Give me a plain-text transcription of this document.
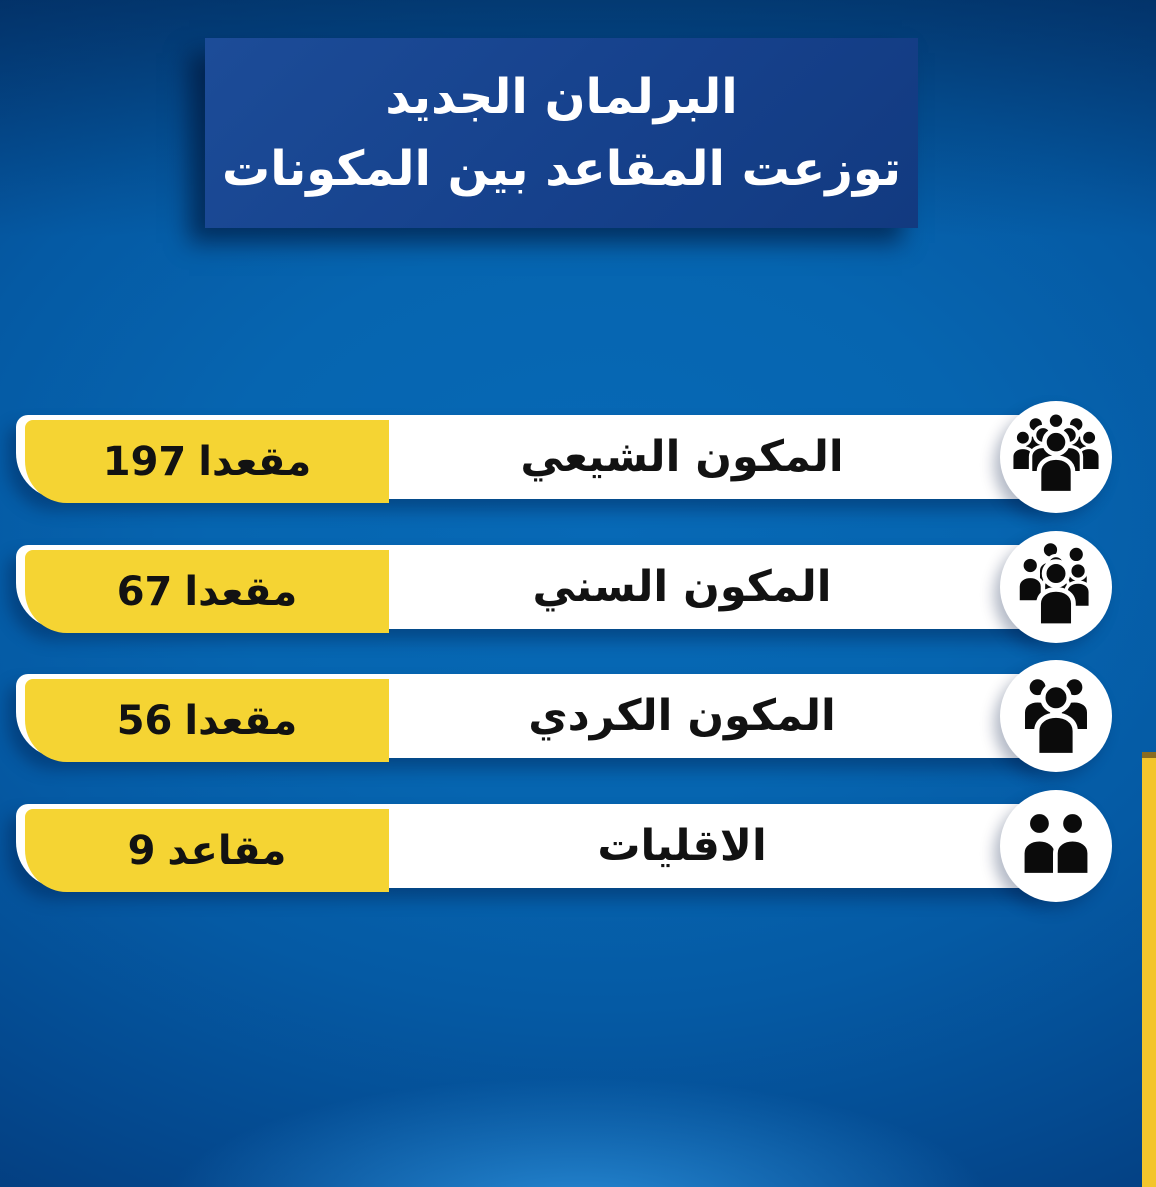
البرلمان الجديد
توزعت المقاعد بين المكونات
197 مقعدا	المكون الشيعي
67 مقعدا	المكون السني
56 مقعدا	المكون الكردي
9 مقاعد	الاقليات
